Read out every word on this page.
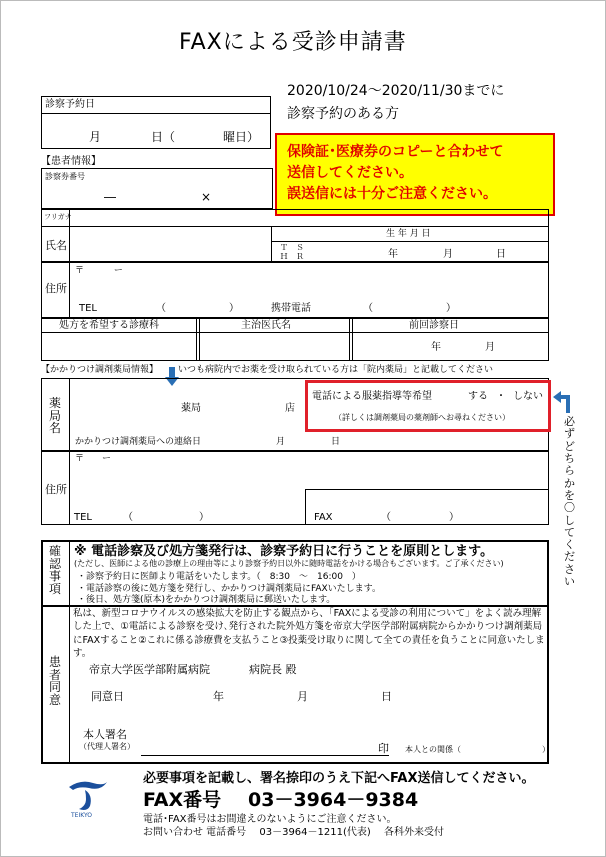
FAXによる受診申請書
2020/10/24～2020/11/30までに
診察予約のある方
診察予約日
月	日（	曜日）
保険証･医療券のコピーと合わせて
送信してください。
誤送信には十分ご注意ください。
【患者情報】
診察券番号
―	×
フリガナ
氏名
生 年 月 日
Ｔ　Ｓ
Ｈ　Ｒ	年	月	日
住所
〒　　　 ー
TEL	（	）	携帯電話	（	）
処方を希望する診療科	主治医氏名	前回診察日
年	月
【かかりつけ調剤薬局情報】 いつも病院内でお薬を受け取られている方は「院内薬局」と記載してください
薬局名
薬局	店
かかりつけ調剤薬局への連絡日	月	日
電話による服薬指導等希望	する ・ しない
（詳しくは調剤薬局の薬剤師へお尋ねください）	必ずどちらかを〇してください
住所
〒　　ー
TEL	（	）	FAX	（	）
確認事項
※ 電話診察及び処方箋発行は、診察予約日に行うことを原則とします。
(ただし、医師による他の診療上の理由等により診察予約日以外に随時電話をかける場合もございます。ご了承ください)
・診察予約日に医師より電話をいたします。（　8:30　～　16:00　）
・電話診察の後に処方箋を発行し、かかりつけ調剤薬局にFAXいたします。
・後日、処方箋(原本)をかかりつけ調剤薬局に郵送いたします。
患者同意
私は、新型コロナウイルスの感染拡大を防止する観点から、「FAXによる受診の利用について」をよく読み理解した上で、①電話による診察を受け､発行された院外処方箋を帝京大学医学部附属病院からかかりつけ調剤薬局にFAXすること②これに係る診療費を支払うこと③投薬受け取りに関して全ての責任を負うことに同意いたします。
帝京大学医学部附属病院	病院長 殿
同意日	年	月	日
本人署名
（代理人署名）	印 本人との関係（	）
TEIKYO
必要事項を記載し、署名捺印のうえ下記へFAX送信してください。
FAX番号 03－3964－9384
電話･FAX番号はお間違えのないようにご注意ください。
お問い合わせ 電話番号　 03－3964－1211(代表)　 各科外来受付
